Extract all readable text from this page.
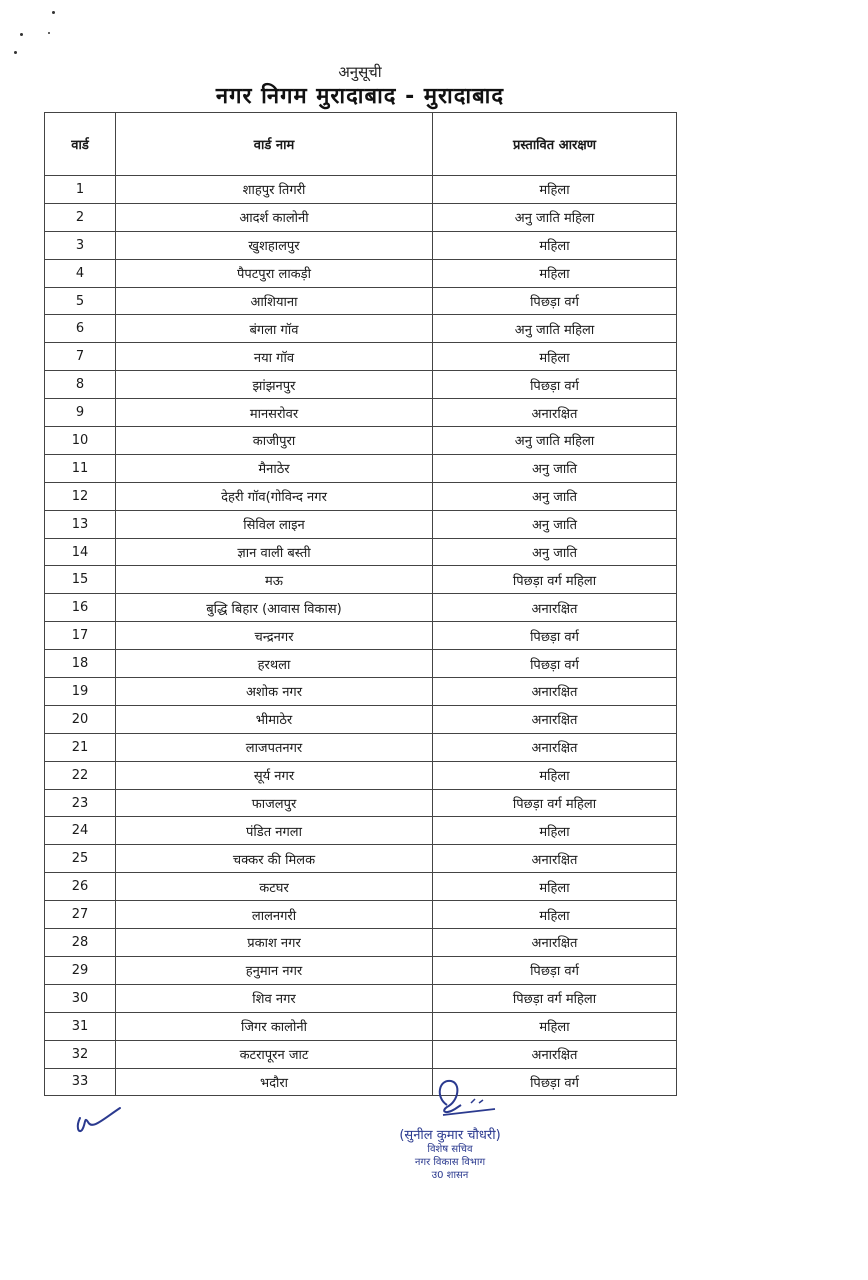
अनुसूची
नगर निगम मुरादाबाद - मुरादाबाद
वार्ड	वार्ड नाम	प्रस्तावित आरक्षण
1	शाहपुर तिगरी	महिला
2	आदर्श कालोनी	अनु जाति महिला
3	खुशहालपुर	महिला
4	पैपटपुरा लाकड़ी	महिला
5	आशियाना	पिछड़ा वर्ग
6	बंगला गॉव	अनु जाति महिला
7	नया गॉव	महिला
8	झांझनपुर	पिछड़ा वर्ग
9	मानसरोवर	अनारक्षित
10	काजीपुरा	अनु जाति महिला
11	मैनाठेर	अनु जाति
12	देहरी गॉव(गोविन्द नगर	अनु जाति
13	सिविल लाइन	अनु जाति
14	ज्ञान वाली बस्ती	अनु जाति
15	मऊ	पिछड़ा वर्ग महिला
16	बुद्धि बिहार (आवास विकास)	अनारक्षित
17	चन्द्रनगर	पिछड़ा वर्ग
18	हरथला	पिछड़ा वर्ग
19	अशोक नगर	अनारक्षित
20	भीमाठेर	अनारक्षित
21	लाजपतनगर	अनारक्षित
22	सूर्य नगर	महिला
23	फाजलपुर	पिछड़ा वर्ग महिला
24	पंडित नगला	महिला
25	चक्कर की मिलक	अनारक्षित
26	कटघर	महिला
27	लालनगरी	महिला
28	प्रकाश नगर	अनारक्षित
29	हनुमान नगर	पिछड़ा वर्ग
30	शिव नगर	पिछड़ा वर्ग महिला
31	जिगर कालोनी	महिला
32	कटरापूरन जाट	अनारक्षित
33	भदौरा	पिछड़ा वर्ग
(सुनील कुमार चौधरी)
विशेष सचिव
नगर विकास विभाग
उ0 शासन
